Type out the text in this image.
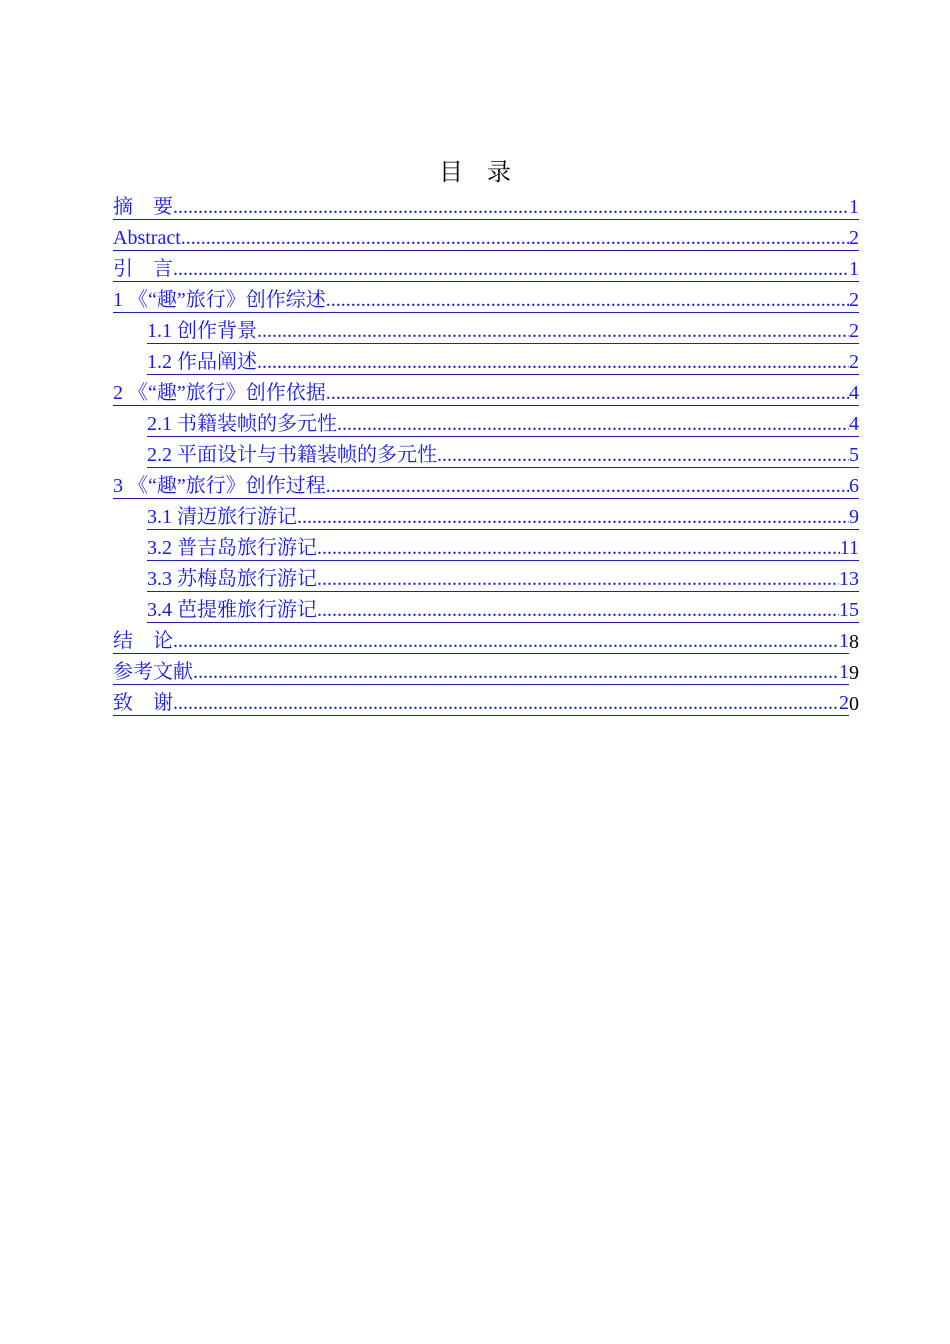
目 录
摘　要 .....	1
Abstract .....	2
引　言 .....	1
1 《“趣”旅行》创作综述 .....	2
1.1 创作背景 .....	2
1.2 作品阐述 .....	2
2 《“趣”旅行》创作依据 .....	4
2.1 书籍装帧的多元性 .....	4
2.2 平面设计与书籍装帧的多元性 .....	5
3 《“趣”旅行》创作过程 .....	6
3.1 清迈旅行游记 .....	9
3.2 普吉岛旅行游记 .....	11
3.3 苏梅岛旅行游记 .....	13
3.4 芭提雅旅行游记 .....	15
结　论 .....	1 8
参考文献 .....	1 9
致　谢 .....	2 0
